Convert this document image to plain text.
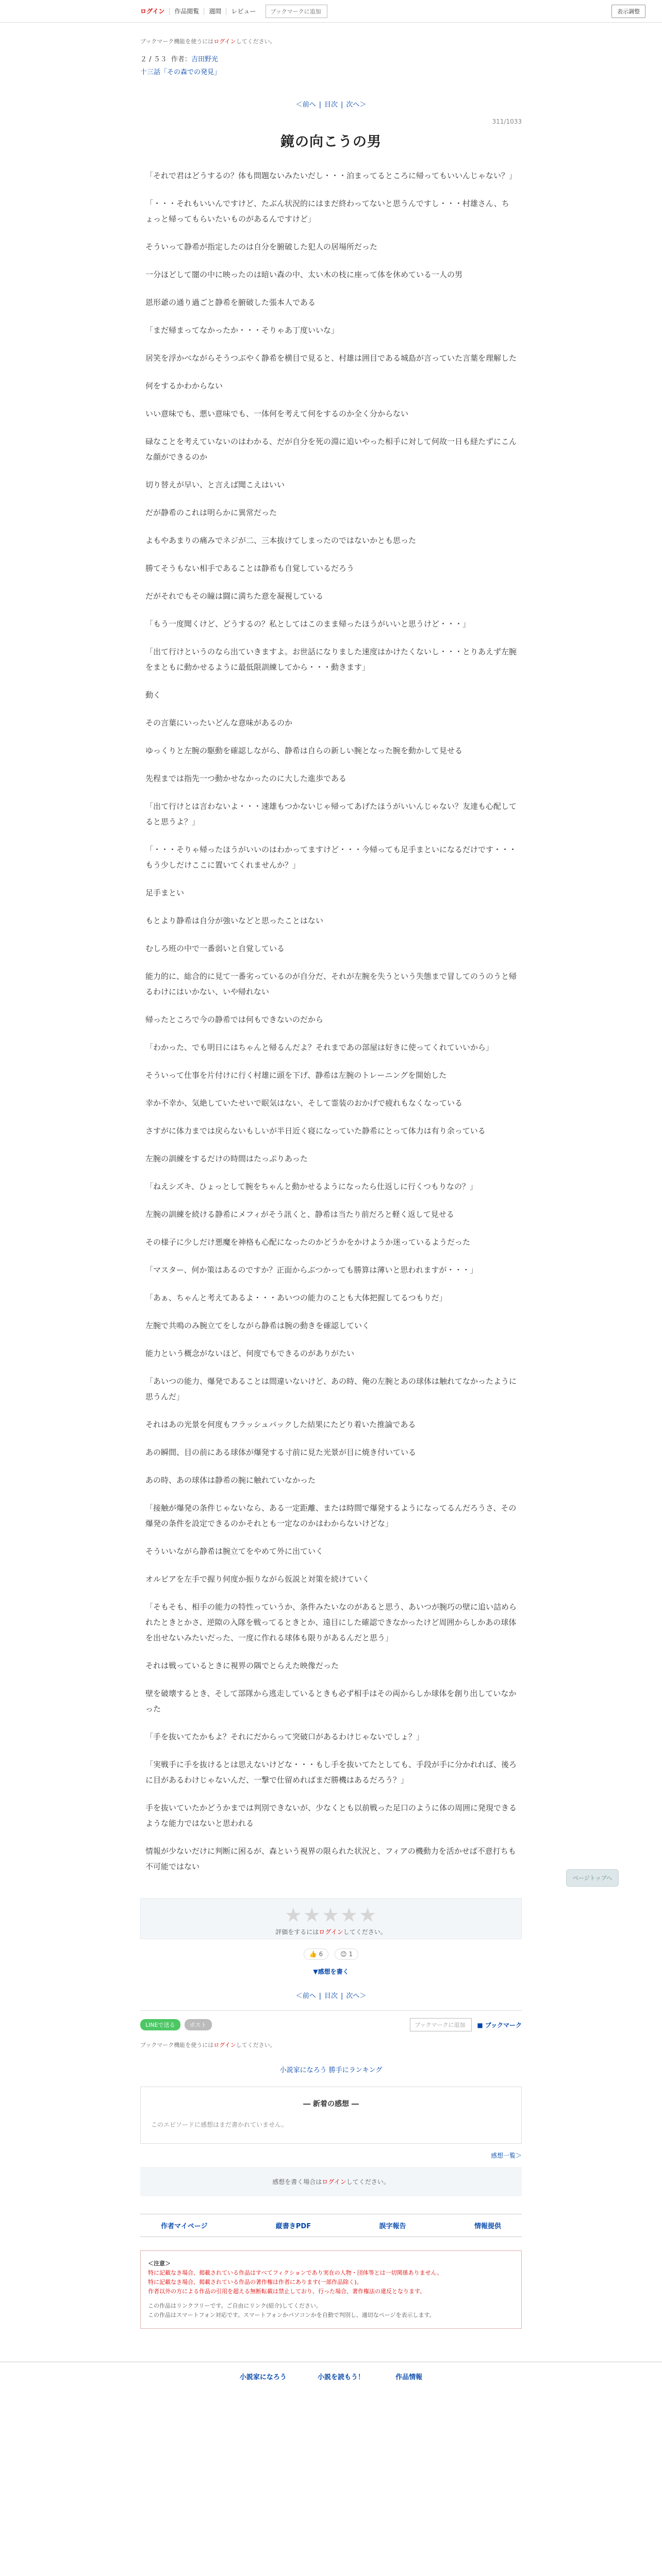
ログイン	作品閲覧	週間	レビュー	ブックマークに追加	表示調整
ブックマーク機能を使うにはログインしてください。
２ / ５３ 作者：吉田野光
十三話「その森での発見」
＜前へ | 目次 | 次へ＞
311/1033
鏡の向こうの男

「それで君はどうするの？体も問題ないみたいだし・・・泊まってるところに帰ってもいいんじゃない？」

「・・・それもいいんですけど、たぶん状況的にはまだ終わってないと思うんですし・・・村雄さん、ちょっと帰ってもらいたいものがあるんですけど」

そういって静希が指定したのは自分を腑破した犯人の居場所だった

一分ほどして闇の中に映ったのは暗い森の中、太い木の枝に座って体を休めている一人の男

恩形爺の通り過ごと静希を腑破した張本人である

「まだ帰まってなかったか・・・そりゃあ丁度いいな」

居笑を浮かべながらそうつぶやく静希を横目で見ると、村雄は囲目である城島が言っていた言葉を理解した

何をするかわからない

いい意味でも、悪い意味でも、一体何を考えて何をするのか全く分からない

碌なことを考えていないのはわかる、だが自分を死の淵に追いやった相手に対して何故一日も経たずにこんな顔ができるのか

切り替えが早い、と言えば聞こえはいい

だが静希のこれは明らかに異常だった

よもやあまりの痛みでネジが二、三本抜けてしまったのではないかとも思った

勝てそうもない相手であることは静希も自覚しているだろう

だがそれでもその瞳は闘に満ちた意を凝視している

「もう一度聞くけど、どうするの？私としてはこのまま帰ったほうがいいと思うけど・・・」

「出て行けというのなら出ていきますよ。お世話になりました速度はかけたくないし・・・とりあえず左腕をまともに動かせるように最低限訓練してから・・・動きます」

動く

その言葉にいったいどんな意味があるのか

ゆっくりと左腕の駆動を確認しながら、静希は自らの新しい腕となった腕を動かして見せる

先程までは指先一つ動かせなかったのに大した進歩である

「出て行けとは言わないよ・・・速雄もつかないじゃ帰ってあげたほうがいいんじゃない？友達も心配してると思うよ？」

「・・・そりゃ帰ったほうがいいのはわかってますけど・・・今帰っても足手まといになるだけです・・・もう少しだけここに置いてくれませんか？」

足手まとい

もとより静希は自分が強いなどと思ったことはない

むしろ班の中で一番弱いと自覚している

能力的に、総合的に見て一番劣っているのが自分だ、それが左腕を失うという失態まで冒してのうのうと帰るわけにはいかない、いや帰れない

帰ったところで今の静希では何もできないのだから

「わかった、でも明日にはちゃんと帰るんだよ？それまであの部屋は好きに使ってくれていいから」

そういって仕事を片付けに行く村雄に頭を下げ、静希は左腕のトレーニングを開始した

幸か不幸か、気絶していたせいで眠気はない、そして霊装のおかげで疲れもなくなっている

さすがに体力までは戻らないもしいが半日近く寝になっていた静希にとって体力は有り余っている

左腕の訓練をするだけの時間はたっぷりあった

「ねえシズキ、ひょっとして腕をちゃんと動かせるようになったら仕返しに行くつもりなの？」

左腕の訓練を続ける静希にメフィがそう訊くと、静希は当たり前だろと軽く返して見せる

その様子に少しだけ悪魔を神格も心配になったのかどうかをかけようか迷っているようだった

「マスター、何か策はあるのですか？正面からぶつかっても勝算は薄いと思われますが・・・」

「あぁ、ちゃんと考えてあるよ・・・あいつの能力のことも大体把握してるつもりだ」

左腕で共鳴のみ腕立てをしながら静希は腕の動きを確認していく

能力という概念がないほど、何度でもできるのがありがたい

「あいつの能力、爆発であることは間違いないけど、あの時、俺の左腕とあの球体は触れてなかったように思うんだ」

それはあの光景を何度もフラッシュバックした結果にたどり着いた推論である

あの瞬間、目の前にある球体が爆発する寸前に見た光景が目に焼き付いている

あの時、あの球体は静希の腕に触れていなかった

「接触が爆発の条件じゃないなら、ある一定距離、または時間で爆発するようになってるんだろうさ、その爆発の条件を設定できるのかそれとも一定なのかはわからないけどな」

そういいながら静希は腕立てをやめて外に出ていく

オルビアを左手で握り何度か振りながら仮説と対策を続けていく

「そもそも、相手の能力の特性っていうか、条件みたいなのがあると思う、あいつが腕巧の壁に追い詰められたときとかさ、逆隙の入隊を戦ってるときとか、遠目にした確認できなかったけど周囲からしかあの球体を出せないみたいだった、一度に作れる球体も限りがあるんだと思う」

それは戦っているときに視界の隅でとらえた映像だった

壁を破壊するとき、そして部隊から逃走しているときも必ず相手はその両からしか球体を創り出していなかった

「手を抜いてたかもよ？それにだからって突破口があるわけじゃないでしょ？」

「実戦手に手を抜けるとは思えないけどな・・・もし手を抜いてたとしても、手段が手に分かれれば、後ろに目があるわけじゃないんだ、一撃で仕留めればまだ勝機はあるだろう？」

手を抜いていたかどうかまでは判別できないが、少なくとも以前戦った足口のように体の周囲に発現できるような能力ではないと思われる

情報が少ないだけに判断に困るが、森という視界の限られた状況と、フィアの機動力を活かせば不意打ちも不可能ではない

★★★★★
評価をするにはログインしてください。
👍 6	😊 1
▼感想を書く
＜前へ | 目次 | 次へ＞
LINEで送る	ポスト	ブックマークに追加	■ ブックマーク
ブックマーク機能を使うにはログインしてください。
小説家になろう 勝手にランキング
― 新着の感想 ―
このエピソードに感想はまだ書かれていません。
感想一覧＞
感想を書く場合はログインしてください。
作者マイページ	縦書きPDF	誤字報告	情報提供
＜注意＞
特に記載なき場合、掲載されている作品はすべてフィクションであり実在の人物・団体等とは一切関係ありません。
特に記載なき場合、掲載されている作品の著作権は作者にあります(一部作品除く)。
作者以外の方による作品の引用を超える無断転載は禁止しており、行った場合、著作権法の違反となります。
この作品はリンクフリーです。ご自由にリンク(紹介)してください。
この作品はスマートフォン対応です。スマートフォンかパソコンかを自動で判別し、適切なページを表示します。
小説家になろう	小説を読もう！	作品情報
ページトップへ
